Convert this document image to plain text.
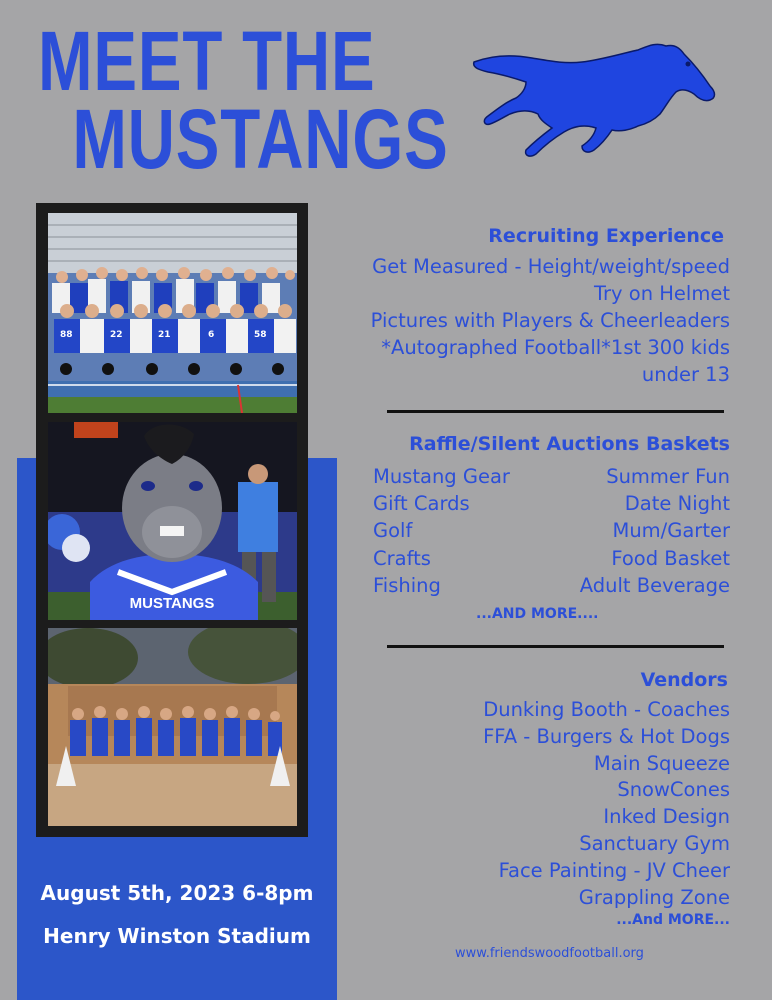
MEET THE
MUSTANGS
88	22	21	6	58
MUSTANGS
August 5th, 2023 6-8pm
Henry Winston Stadium
Recruiting Experience
Get Measured - Height/weight/speed
Try on Helmet
Pictures with Players & Cheerleaders
*Autographed Football*1st 300 kids
under 13
Raffle/Silent Auctions Baskets
Mustang Gear	Summer Fun
Gift Cards	Date Night
Golf	Mum/Garter
Crafts	Food Basket
Fishing	Adult Beverage
...AND MORE....
Vendors
Dunking Booth - Coaches
FFA - Burgers & Hot Dogs
Main Squeeze
SnowCones
Inked Design
Sanctuary Gym
Face Painting - JV Cheer
Grappling Zone
...And MORE...
www.friendswoodfootball.org
